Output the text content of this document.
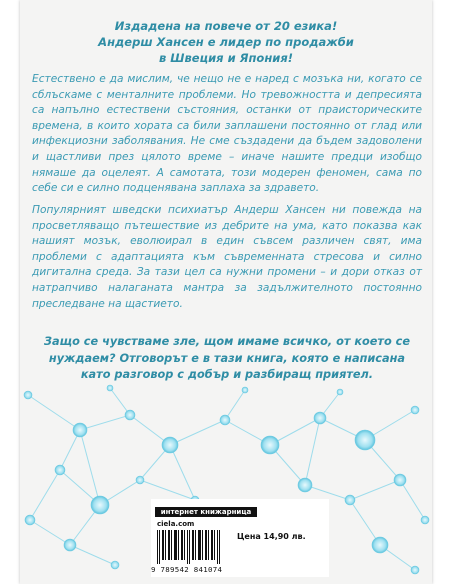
Издадена на повече от 20 езика!
Андерш Хансен е лидер по продажби
в Швеция и Япония!

Естествено е да мислим, че нещо не е наред с мозъка ни, когато се сблъскаме с менталните проблеми. Но тревожността и депресията са напълно естествени състояния, останки от праисторическите времена, в които хората са били заплашени постоянно от глад или инфекциозни заболявания. Не сме създадени да бъдем задоволени и щастливи през цялото време – иначе нашите предци изобщо нямаше да оцелеят. А самотата, този модерен феномен, сама по себе си е силно подценявана заплаха за здравето.

Популярният шведски психиатър Андерш Хансен ни повежда на просветляващо пътешествие из дебрите на ума, като показва как нашият мозък, еволюирал в един съвсем различен свят, има проблеми с адаптацията към съвременната стресова и силно дигитална среда. За тази цел са нужни промени – и дори отказ от натрапчиво налаганата мантра за задължителното постоянно преследване на щастието.

Защо се чувстваме зле, щом имаме всичко, от което се нуждаем? Отговорът е в тази книга, която е написана като разговор с добър и разбиращ приятел.

интернет книжарница
ciela.com
9 789542 841074
Цена 14,90 лв.
